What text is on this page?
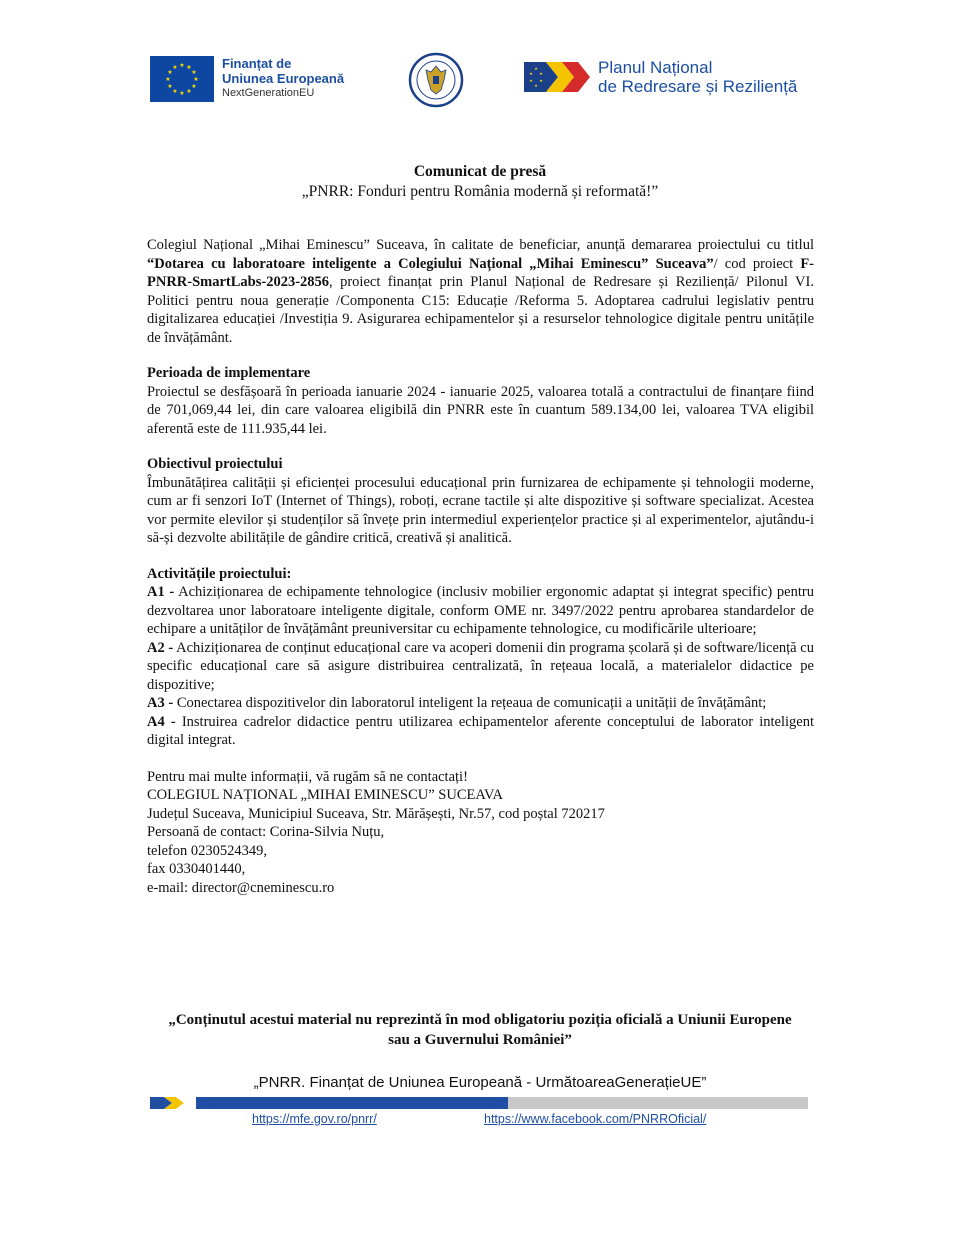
★ ★
★
★
★
★
★
★
★
★
★
★	Finanțat de
Uniunea Europeană
NextGenerationEU
★
★
★
★
★
★	Planul Național
de Redresare și Reziliență
Comunicat de presă
„PNRR: Fonduri pentru România modernă și reformată!”

Colegiul Național „Mihai Eminescu” Suceava, în calitate de beneficiar, anunță demararea proiectului cu titlul “Dotarea cu laboratoare inteligente a Colegiului Național „Mihai Eminescu” Suceava”/ cod proiect F-PNRR-SmartLabs-2023-2856, proiect finanțat prin Planul Național de Redresare și Reziliență/ Pilonul VI. Politici pentru noua generație /Componenta C15: Educație /Reforma 5. Adoptarea cadrului legislativ pentru digitalizarea educației /Investiția 9. Asigurarea echipamentelor și a resurselor tehnologice digitale pentru unitățile de învățământ.

Perioada de implementare

Proiectul se desfășoară în perioada ianuarie 2024 - ianuarie 2025, valoarea totală a contractului de finanțare fiind de 701,069,44 lei, din care valoarea eligibilă din PNRR este în cuantum 589.134,00 lei, valoarea TVA eligibil aferentă este de 111.935,44 lei.

Obiectivul proiectului

Îmbunătățirea calității și eficienței procesului educațional prin furnizarea de echipamente și tehnologii moderne, cum ar fi senzori IoT (Internet of Things), roboți, ecrane tactile și alte dispozitive și software specializat. Acestea vor permite elevilor și studenților să învețe prin intermediul experiențelor practice și al experimentelor, ajutându-i să-și dezvolte abilitățile de gândire critică, creativă și analitică.

Activitățile proiectului:

A1 - Achiziționarea de echipamente tehnologice (inclusiv mobilier ergonomic adaptat și integrat specific) pentru dezvoltarea unor laboratoare inteligente digitale, conform OME nr. 3497/2022 pentru aprobarea standardelor de echipare a unităților de învățământ preuniversitar cu echipamente tehnologice, cu modificările ulterioare;

A2 - Achiziționarea de conținut educațional care va acoperi domenii din programa școlară și de software/licență cu specific educațional care să asigure distribuirea centralizată, în rețeaua locală, a materialelor didactice pe dispozitive;

A3 - Conectarea dispozitivelor din laboratorul inteligent la rețeaua de comunicații a unității de învățământ;

A4 - Instruirea cadrelor didactice pentru utilizarea echipamentelor aferente conceptului de laborator inteligent digital integrat.

Pentru mai multe informații, vă rugăm să ne contactați!
COLEGIUL NAȚIONAL „MIHAI EMINESCU” SUCEAVA
Județul Suceava, Municipiul Suceava, Str. Mărășești, Nr.57, cod poștal 720217
Persoană de contact: Corina-Silvia Nuțu,
telefon 0230524349,
fax 0330401440,
e-mail: director@cneminescu.ro
„Conținutul acestui material nu reprezintă în mod obligatoriu poziția oficială a Uniunii Europene sau a Guvernului României”
„PNRR. Finanțat de Uniunea Europeană - UrmătoareaGenerațieUE”
https://mfe.gov.ro/pnrr/	https://www.facebook.com/PNRROficial/
